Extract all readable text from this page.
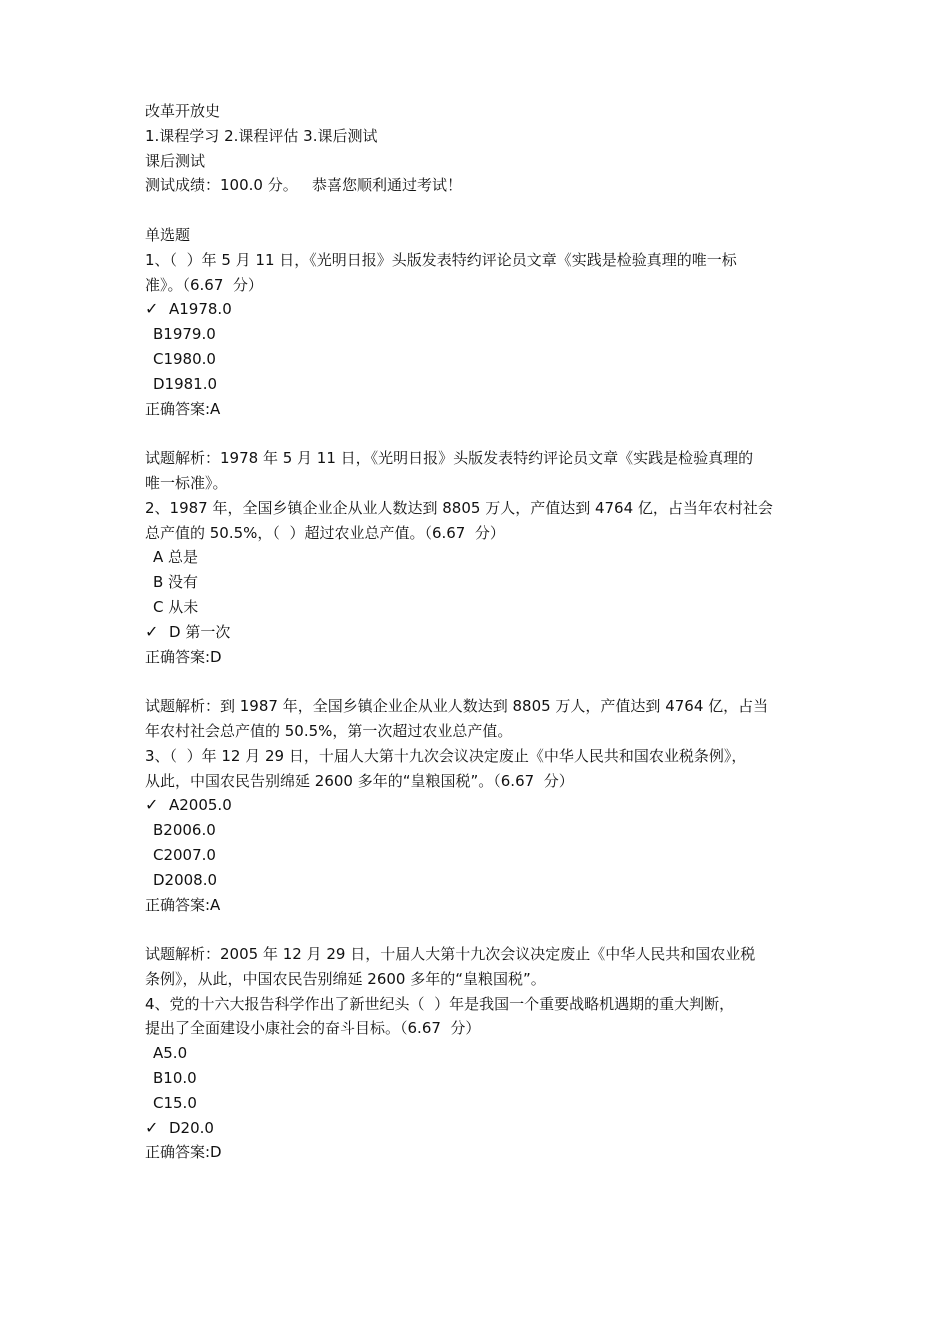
改革开放史

1.课程学习 2.课程评估 3.课后测试

课后测试

测试成绩：100.0 分。   恭喜您顺利通过考试！

单选题

1、（  ）年 5 月 11 日，《光明日报》头版发表特约评论员文章《实践是检验真理的唯一标

准》。（6.67  分）

✓ A1978.0
B1979.0
C1980.0
D1981.0

正确答案:A

试题解析：1978 年 5 月 11 日，《光明日报》头版发表特约评论员文章《实践是检验真理的

唯一标准》。

2、1987 年，全国乡镇企业企从业人数达到 8805 万人，产值达到 4764 亿，占当年农村社会

总产值的 50.5%，（  ）超过农业总产值。（6.67  分）

A 总是
B 没有
C 从未
✓ D 第一次

正确答案:D

试题解析：到 1987 年，全国乡镇企业企从业人数达到 8805 万人，产值达到 4764 亿，占当

年农村社会总产值的 50.5%，第一次超过农业总产值。

3、（  ）年 12 月 29 日，十届人大第十九次会议决定废止《中华人民共和国农业税条例》，

从此，中国农民告别绵延 2600 多年的“皇粮国税”。（6.67  分）

✓ A2005.0
B2006.0
C2007.0
D2008.0

正确答案:A

试题解析：2005 年 12 月 29 日，十届人大第十九次会议决定废止《中华人民共和国农业税

条例》，从此，中国农民告别绵延 2600 多年的“皇粮国税”。

4、党的十六大报告科学作出了新世纪头（  ）年是我国一个重要战略机遇期的重大判断，

提出了全面建设小康社会的奋斗目标。（6.67  分）

A5.0
B10.0
C15.0
✓ D20.0

正确答案:D
